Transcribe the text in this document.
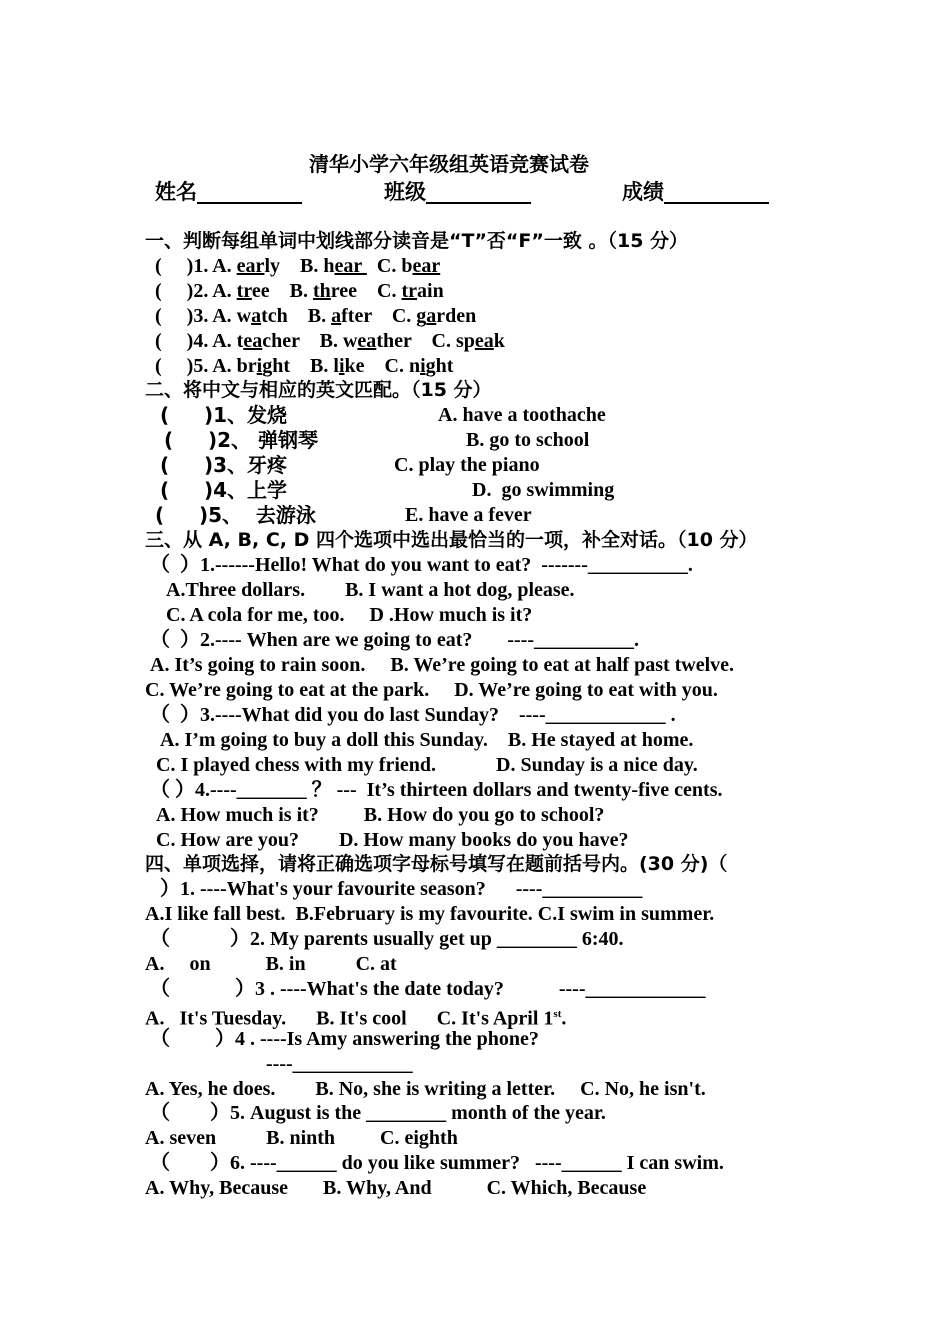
清华小学六年级组英语竞赛试卷
姓名__________	班级__________	成绩__________
一、判断每组单词中划线部分读音是“T”否“F”一致 。（15 分）
(     )1. A. early B. hear   C. bear
(     )2. A. tree B. three C. train
(     )3. A. watch B. after C. garden
(     )4. A. teacher B. weather C. speak
(     )5. A. bright B. like C. night
二、将中文与相应的英文匹配。（15 分）
(     )1、发烧	A. have a toothache
(     )2、 弹钢琴	B. go to school
(     )3、牙疼	C. play the piano
(     )4、上学	D.  go swimming
(     )5、  去游泳	E. have a fever
三、从 A, B, C, D 四个选项中选出最恰当的一项，补全对话。（10 分）
（  ）1.------Hello! What do you want to eat?  -------__________.
A.Three dollars.        B. I want a hot dog, please.
C. A cola for me, too.     D .How much is it?
（  ）2.---- When are we going to eat?       ----__________.
A. It’s going to rain soon.     B. We’re going to eat at half past twelve.
C. We’re going to eat at the park.     D. We’re going to eat with you.
（  ）3.----What did you do last Sunday?    ----____________ .
A. I’m going to buy a doll this Sunday.    B. He stayed at home.
C. I played chess with my friend.            D. Sunday is a nice day.
（ ）4.----_______ ？ ---  It’s thirteen dollars and twenty-five cents.
A. How much is it?         B. How do you go to school?
C. How are you?        D. How many books do you have?
四、单项选择，请将正确选项字母标号填写在题前括号内。(30 分)（
）1. ----What's your favourite season?      ----__________
A.I like fall best.  B.February is my favourite. C.I swim in summer.
（            ）2. My parents usually get up ________ 6:40.
A.     on           B. in          C. at
（             ）3 . ----What's the date today?           ----____________
A.   It's Tuesday.      B. It's cool      C. It's April 1st.
（         ）4 . ----Is Amy answering the phone?
----____________
A. Yes, he does.        B. No, she is writing a letter.     C. No, he isn't.
（        ）5. August is the ________ month of the year.
A. seven          B. ninth         C. eighth
（        ）6. ----______ do you like summer?   ----______ I can swim.
A. Why, Because       B. Why, And           C. Which, Because
